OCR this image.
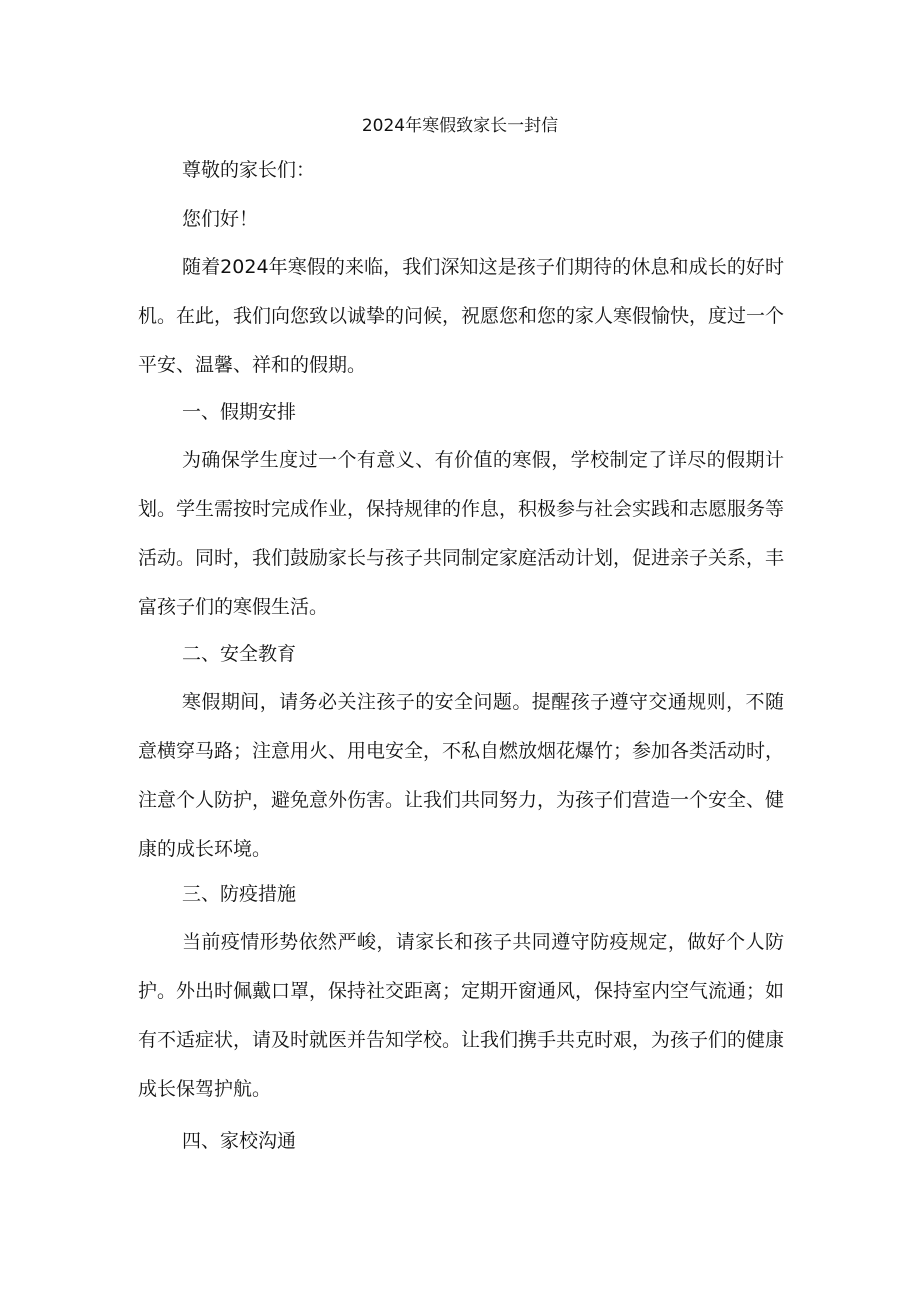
2024年寒假致家长一封信
尊敬的家长们：
您们好！
随着2024年寒假的来临，我们深知这是孩子们期待的休息和成长的好时机。在此，我们向您致以诚挚的问候，祝愿您和您的家人寒假愉快，度过一个平安、温馨、祥和的假期。
一、假期安排
为确保学生度过一个有意义、有价值的寒假，学校制定了详尽的假期计划。学生需按时完成作业，保持规律的作息，积极参与社会实践和志愿服务等活动。同时，我们鼓励家长与孩子共同制定家庭活动计划，促进亲子关系，丰富孩子们的寒假生活。
二、安全教育
寒假期间，请务必关注孩子的安全问题。提醒孩子遵守交通规则，不随意横穿马路；注意用火、用电安全，不私自燃放烟花爆竹；参加各类活动时，注意个人防护，避免意外伤害。让我们共同努力，为孩子们营造一个安全、健康的成长环境。
三、防疫措施
当前疫情形势依然严峻，请家长和孩子共同遵守防疫规定，做好个人防护。外出时佩戴口罩，保持社交距离；定期开窗通风，保持室内空气流通；如有不适症状，请及时就医并告知学校。让我们携手共克时艰，为孩子们的健康成长保驾护航。
四、家校沟通
